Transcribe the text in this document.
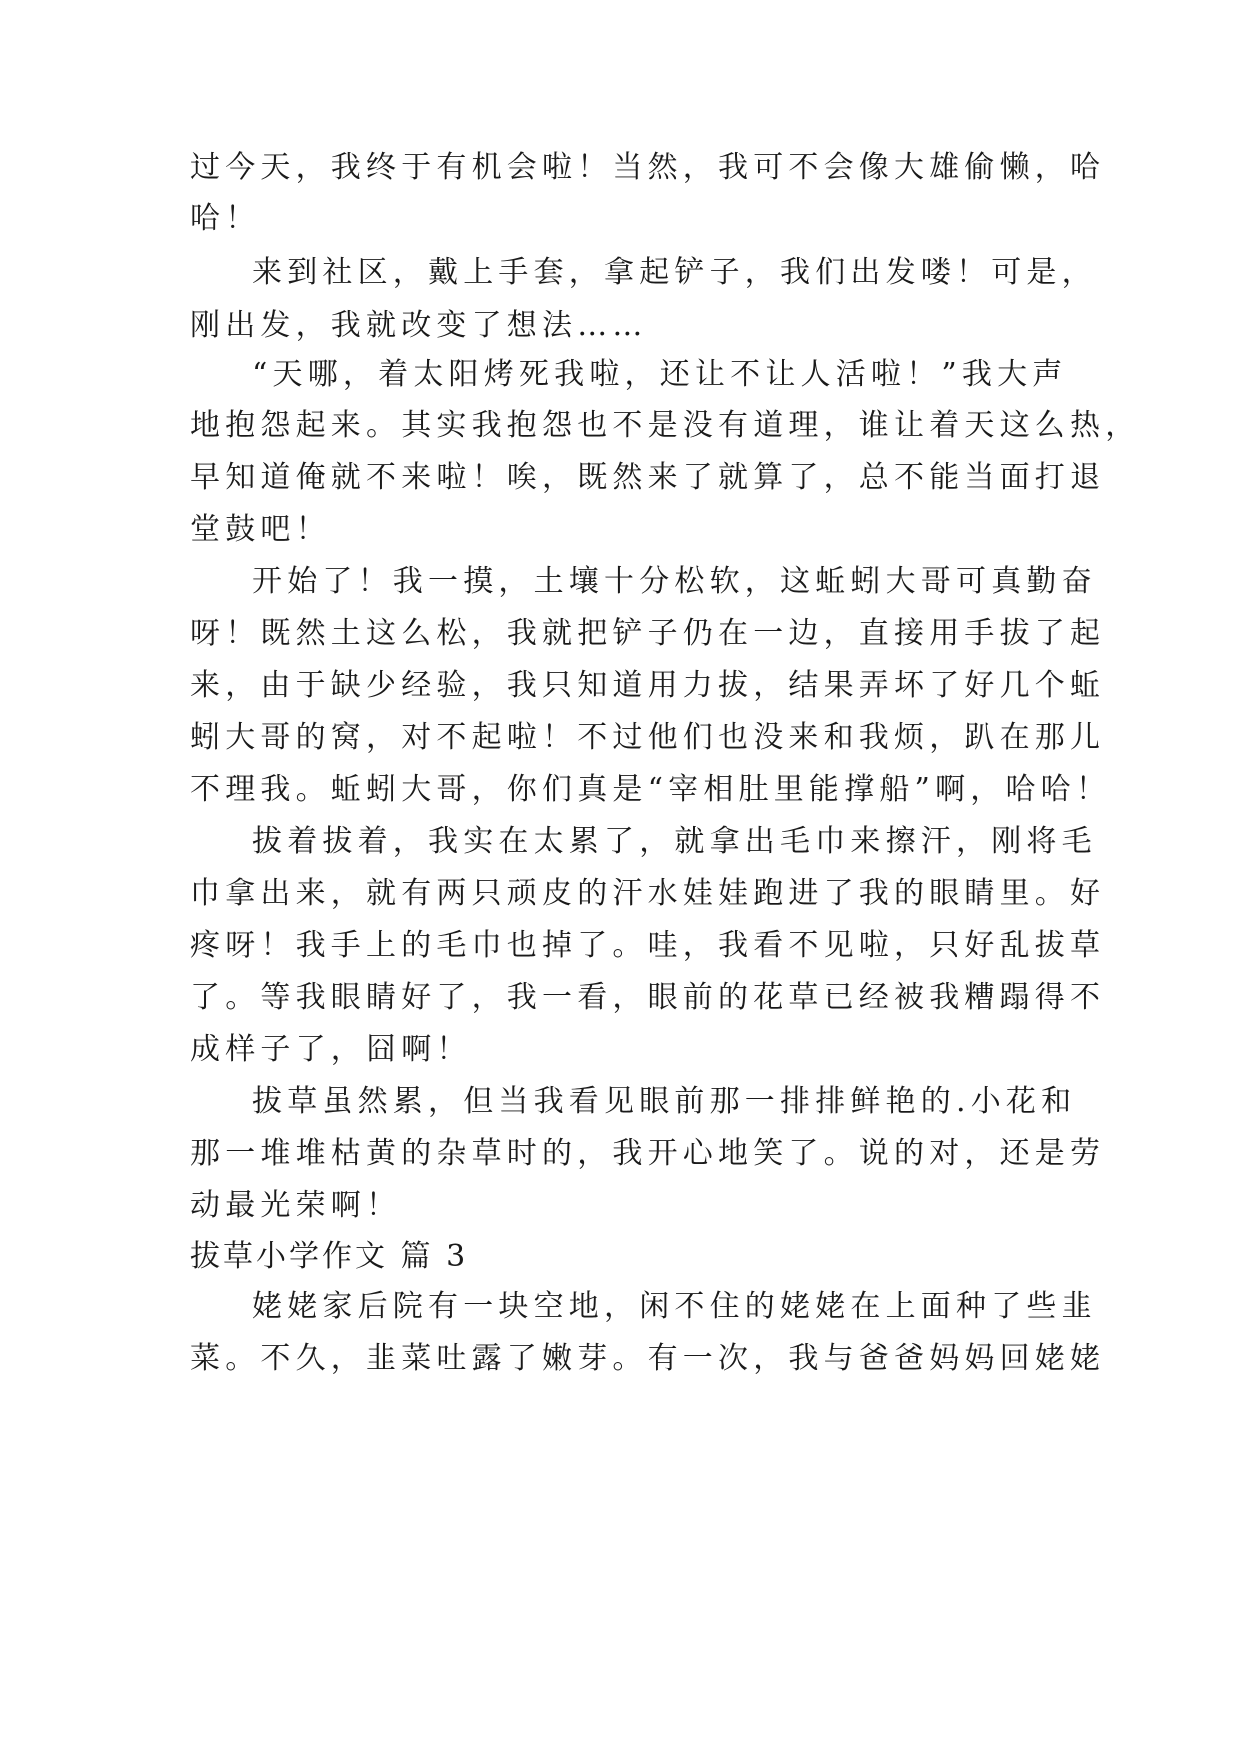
过今天，我终于有机会啦！当然，我可不会像大雄偷懒，哈
哈！
来到社区，戴上手套，拿起铲子，我们出发喽！可是，
刚出发，我就改变了想法……
“天哪，着太阳烤死我啦，还让不让人活啦！”我大声
地抱怨起来。其实我抱怨也不是没有道理，谁让着天这么热，
早知道俺就不来啦！唉，既然来了就算了，总不能当面打退
堂鼓吧！
开始了！我一摸，土壤十分松软，这蚯蚓大哥可真勤奋
呀！既然土这么松，我就把铲子仍在一边，直接用手拔了起
来，由于缺少经验，我只知道用力拔，结果弄坏了好几个蚯
蚓大哥的窝，对不起啦！不过他们也没来和我烦，趴在那儿
不理我。蚯蚓大哥，你们真是“宰相肚里能撑船”啊，哈哈！
拔着拔着，我实在太累了，就拿出毛巾来擦汗，刚将毛
巾拿出来，就有两只顽皮的汗水娃娃跑进了我的眼睛里。好
疼呀！我手上的毛巾也掉了。哇，我看不见啦，只好乱拔草
了。等我眼睛好了，我一看，眼前的花草已经被我糟蹋得不
成样子了，囧啊！
拔草虽然累，但当我看见眼前那一排排鲜艳的.小花和
那一堆堆枯黄的杂草时的，我开心地笑了。说的对，还是劳
动最光荣啊！
拔草小学作文 篇 3
姥姥家后院有一块空地，闲不住的姥姥在上面种了些韭
菜。不久，韭菜吐露了嫩芽。有一次，我与爸爸妈妈回姥姥
